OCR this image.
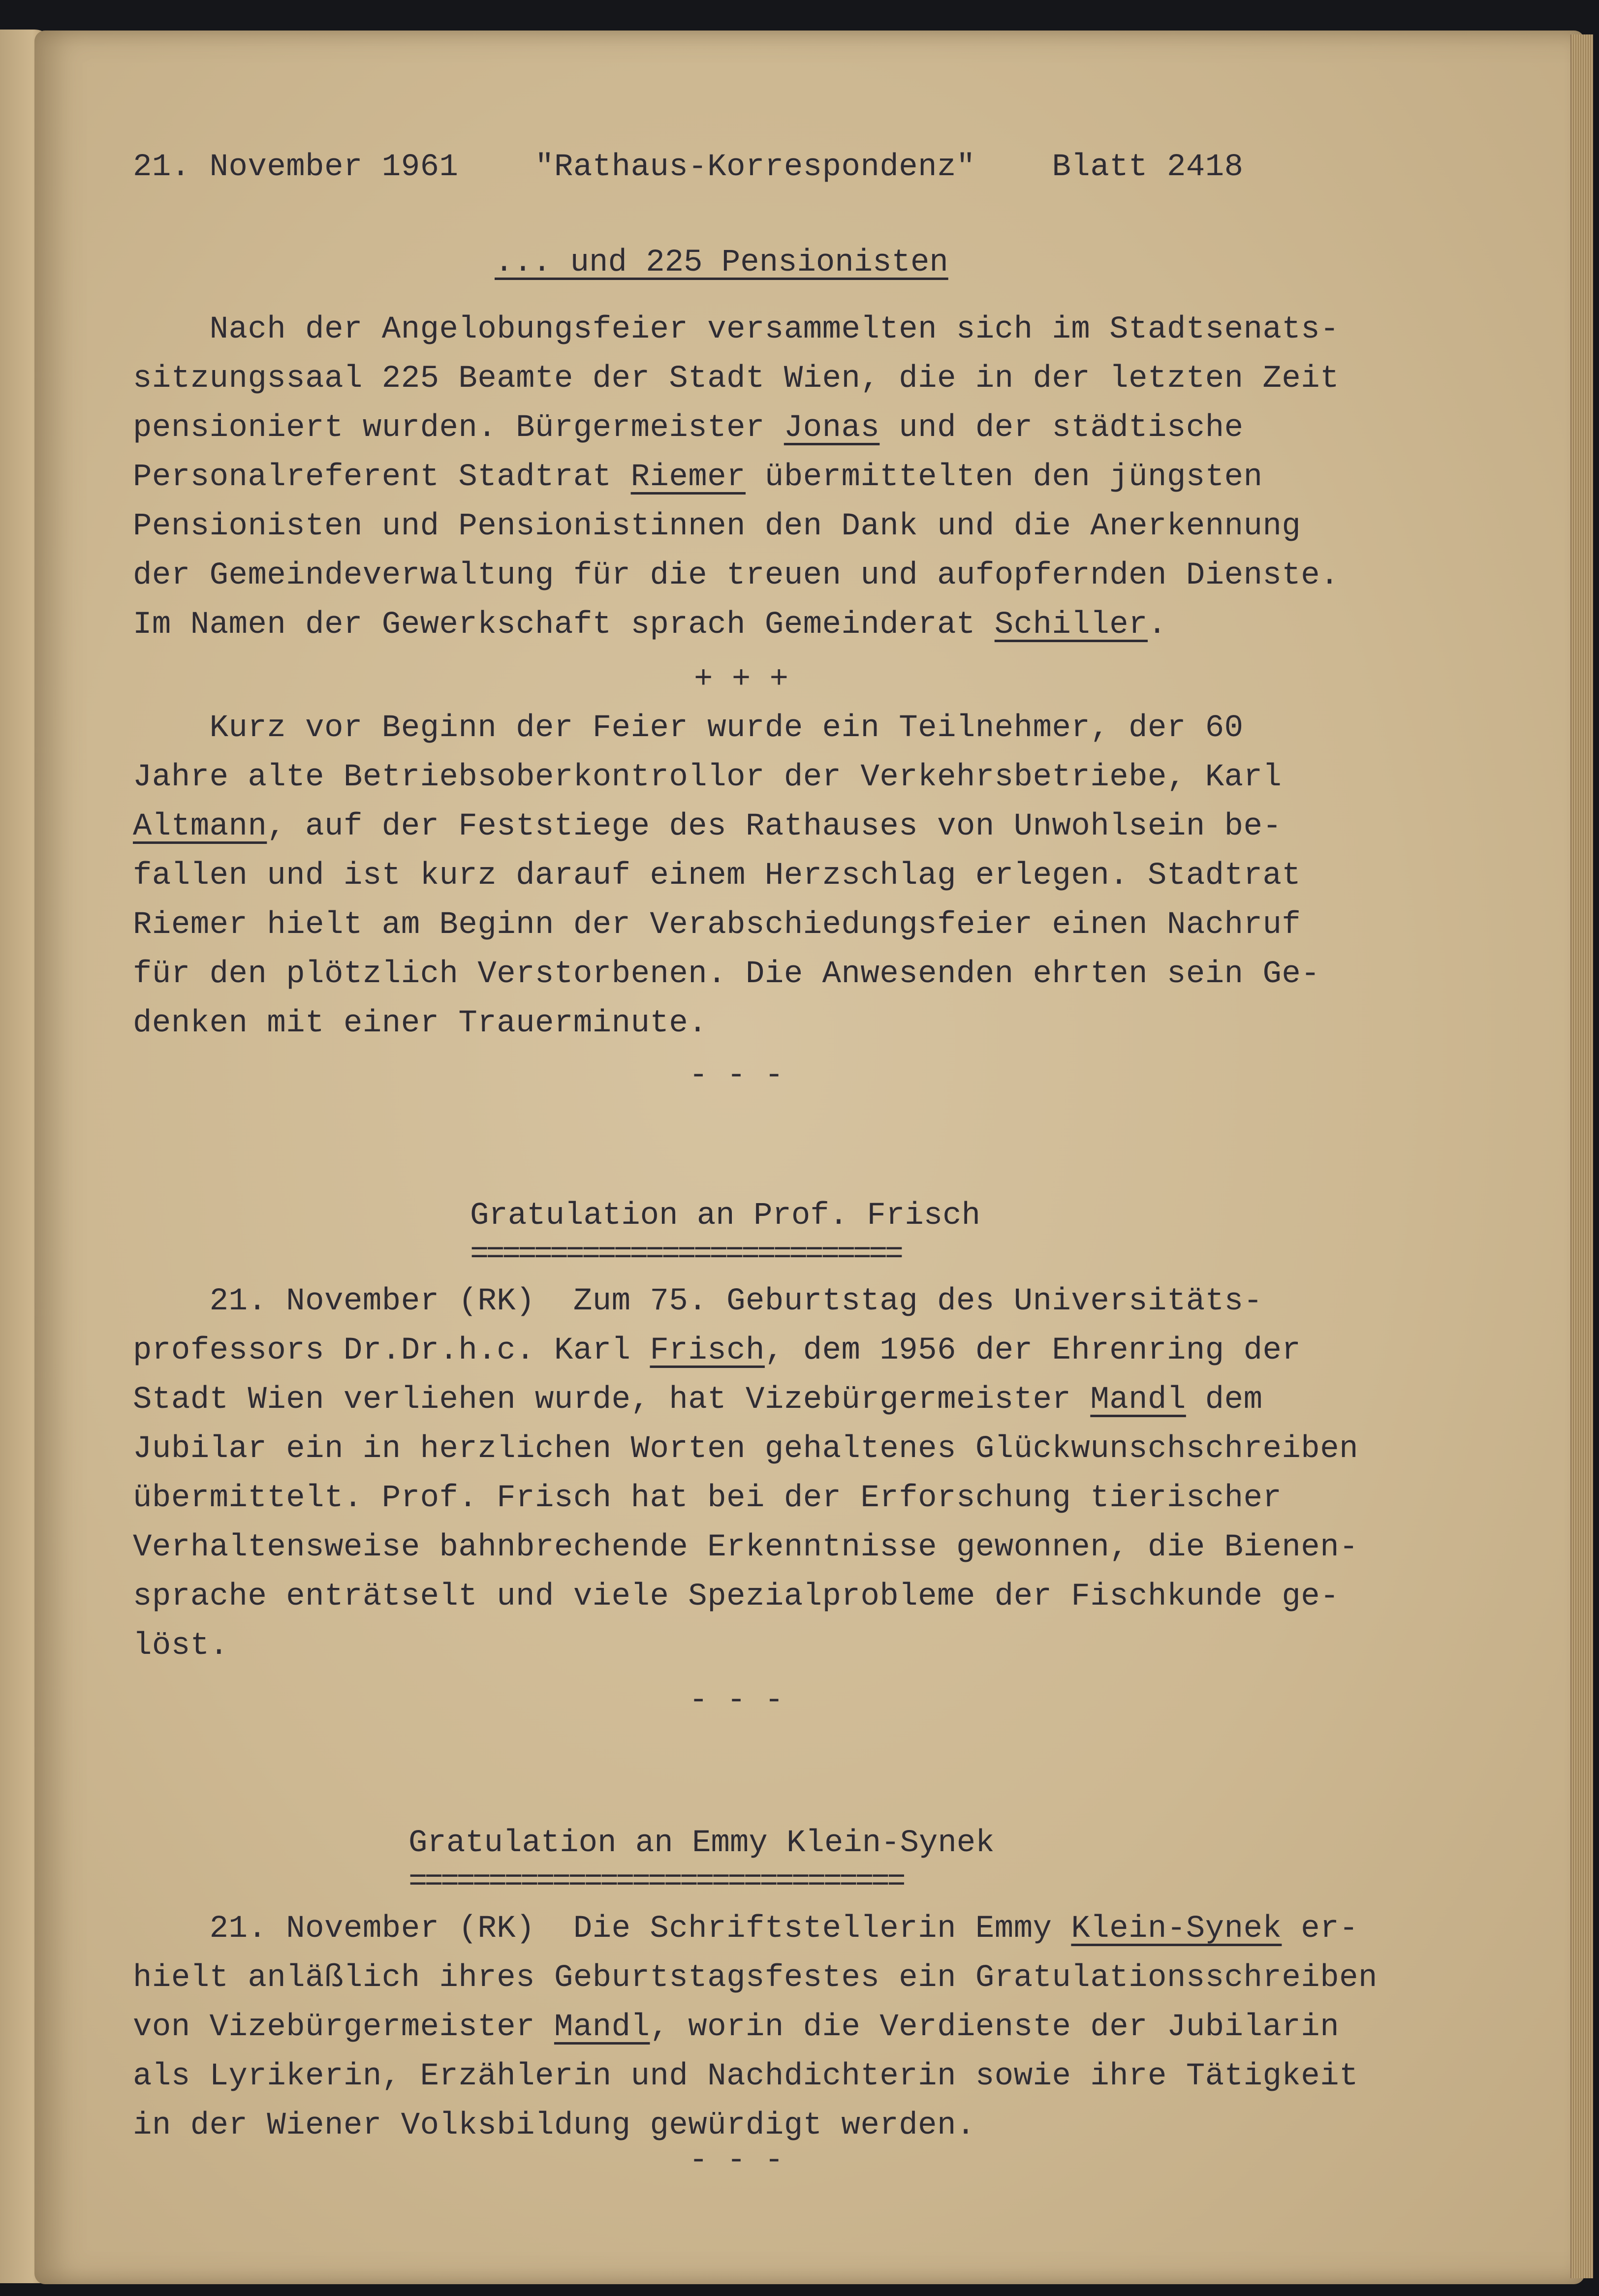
21. November 1961 "Rathaus-Korrespondenz" Blatt 2418
... und 225 Pensionisten
Nach der Angelobungsfeier versammelten sich im Stadtsenats-
sitzungssaal 225 Beamte der Stadt Wien, die in der letzten Zeit
pensioniert wurden. Bürgermeister Jonas und der städtische
Personalreferent Stadtrat Riemer übermittelten den jüngsten
Pensionisten und Pensionistinnen den Dank und die Anerkennung
der Gemeindeverwaltung für die treuen und aufopfernden Dienste.
Im Namen der Gewerkschaft sprach Gemeinderat Schiller.
+ + +
Kurz vor Beginn der Feier wurde ein Teilnehmer, der 60
Jahre alte Betriebsoberkontrollor der Verkehrsbetriebe, Karl
Altmann, auf der Feststiege des Rathauses von Unwohlsein be-
fallen und ist kurz darauf einem Herzschlag erlegen. Stadtrat
Riemer hielt am Beginn der Verabschiedungsfeier einen Nachruf
für den plötzlich Verstorbenen. Die Anwesenden ehrten sein Ge-
denken mit einer Trauerminute.
- - -
Gratulation an Prof. Frisch
===========================
21. November (RK)  Zum 75. Geburtstag des Universitäts-
professors Dr.Dr.h.c. Karl Frisch, dem 1956 der Ehrenring der
Stadt Wien verliehen wurde, hat Vizebürgermeister Mandl dem
Jubilar ein in herzlichen Worten gehaltenes Glückwunschschreiben
übermittelt. Prof. Frisch hat bei der Erforschung tierischer
Verhaltensweise bahnbrechende Erkenntnisse gewonnen, die Bienen-
sprache enträtselt und viele Spezialprobleme der Fischkunde ge-
löst.
- - -
Gratulation an Emmy Klein-Synek
===============================
21. November (RK)  Die Schriftstellerin Emmy Klein-Synek er-
hielt anläßlich ihres Geburtstagsfestes ein Gratulationsschreiben
von Vizebürgermeister Mandl, worin die Verdienste der Jubilarin
als Lyrikerin, Erzählerin und Nachdichterin sowie ihre Tätigkeit
in der Wiener Volksbildung gewürdigt werden.
- - -
